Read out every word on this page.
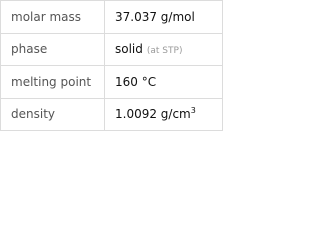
molar mass	37.037 g/mol
phase	solid (at STP)
melting point	160 °C
density	1.0092 $g/cm^3$
